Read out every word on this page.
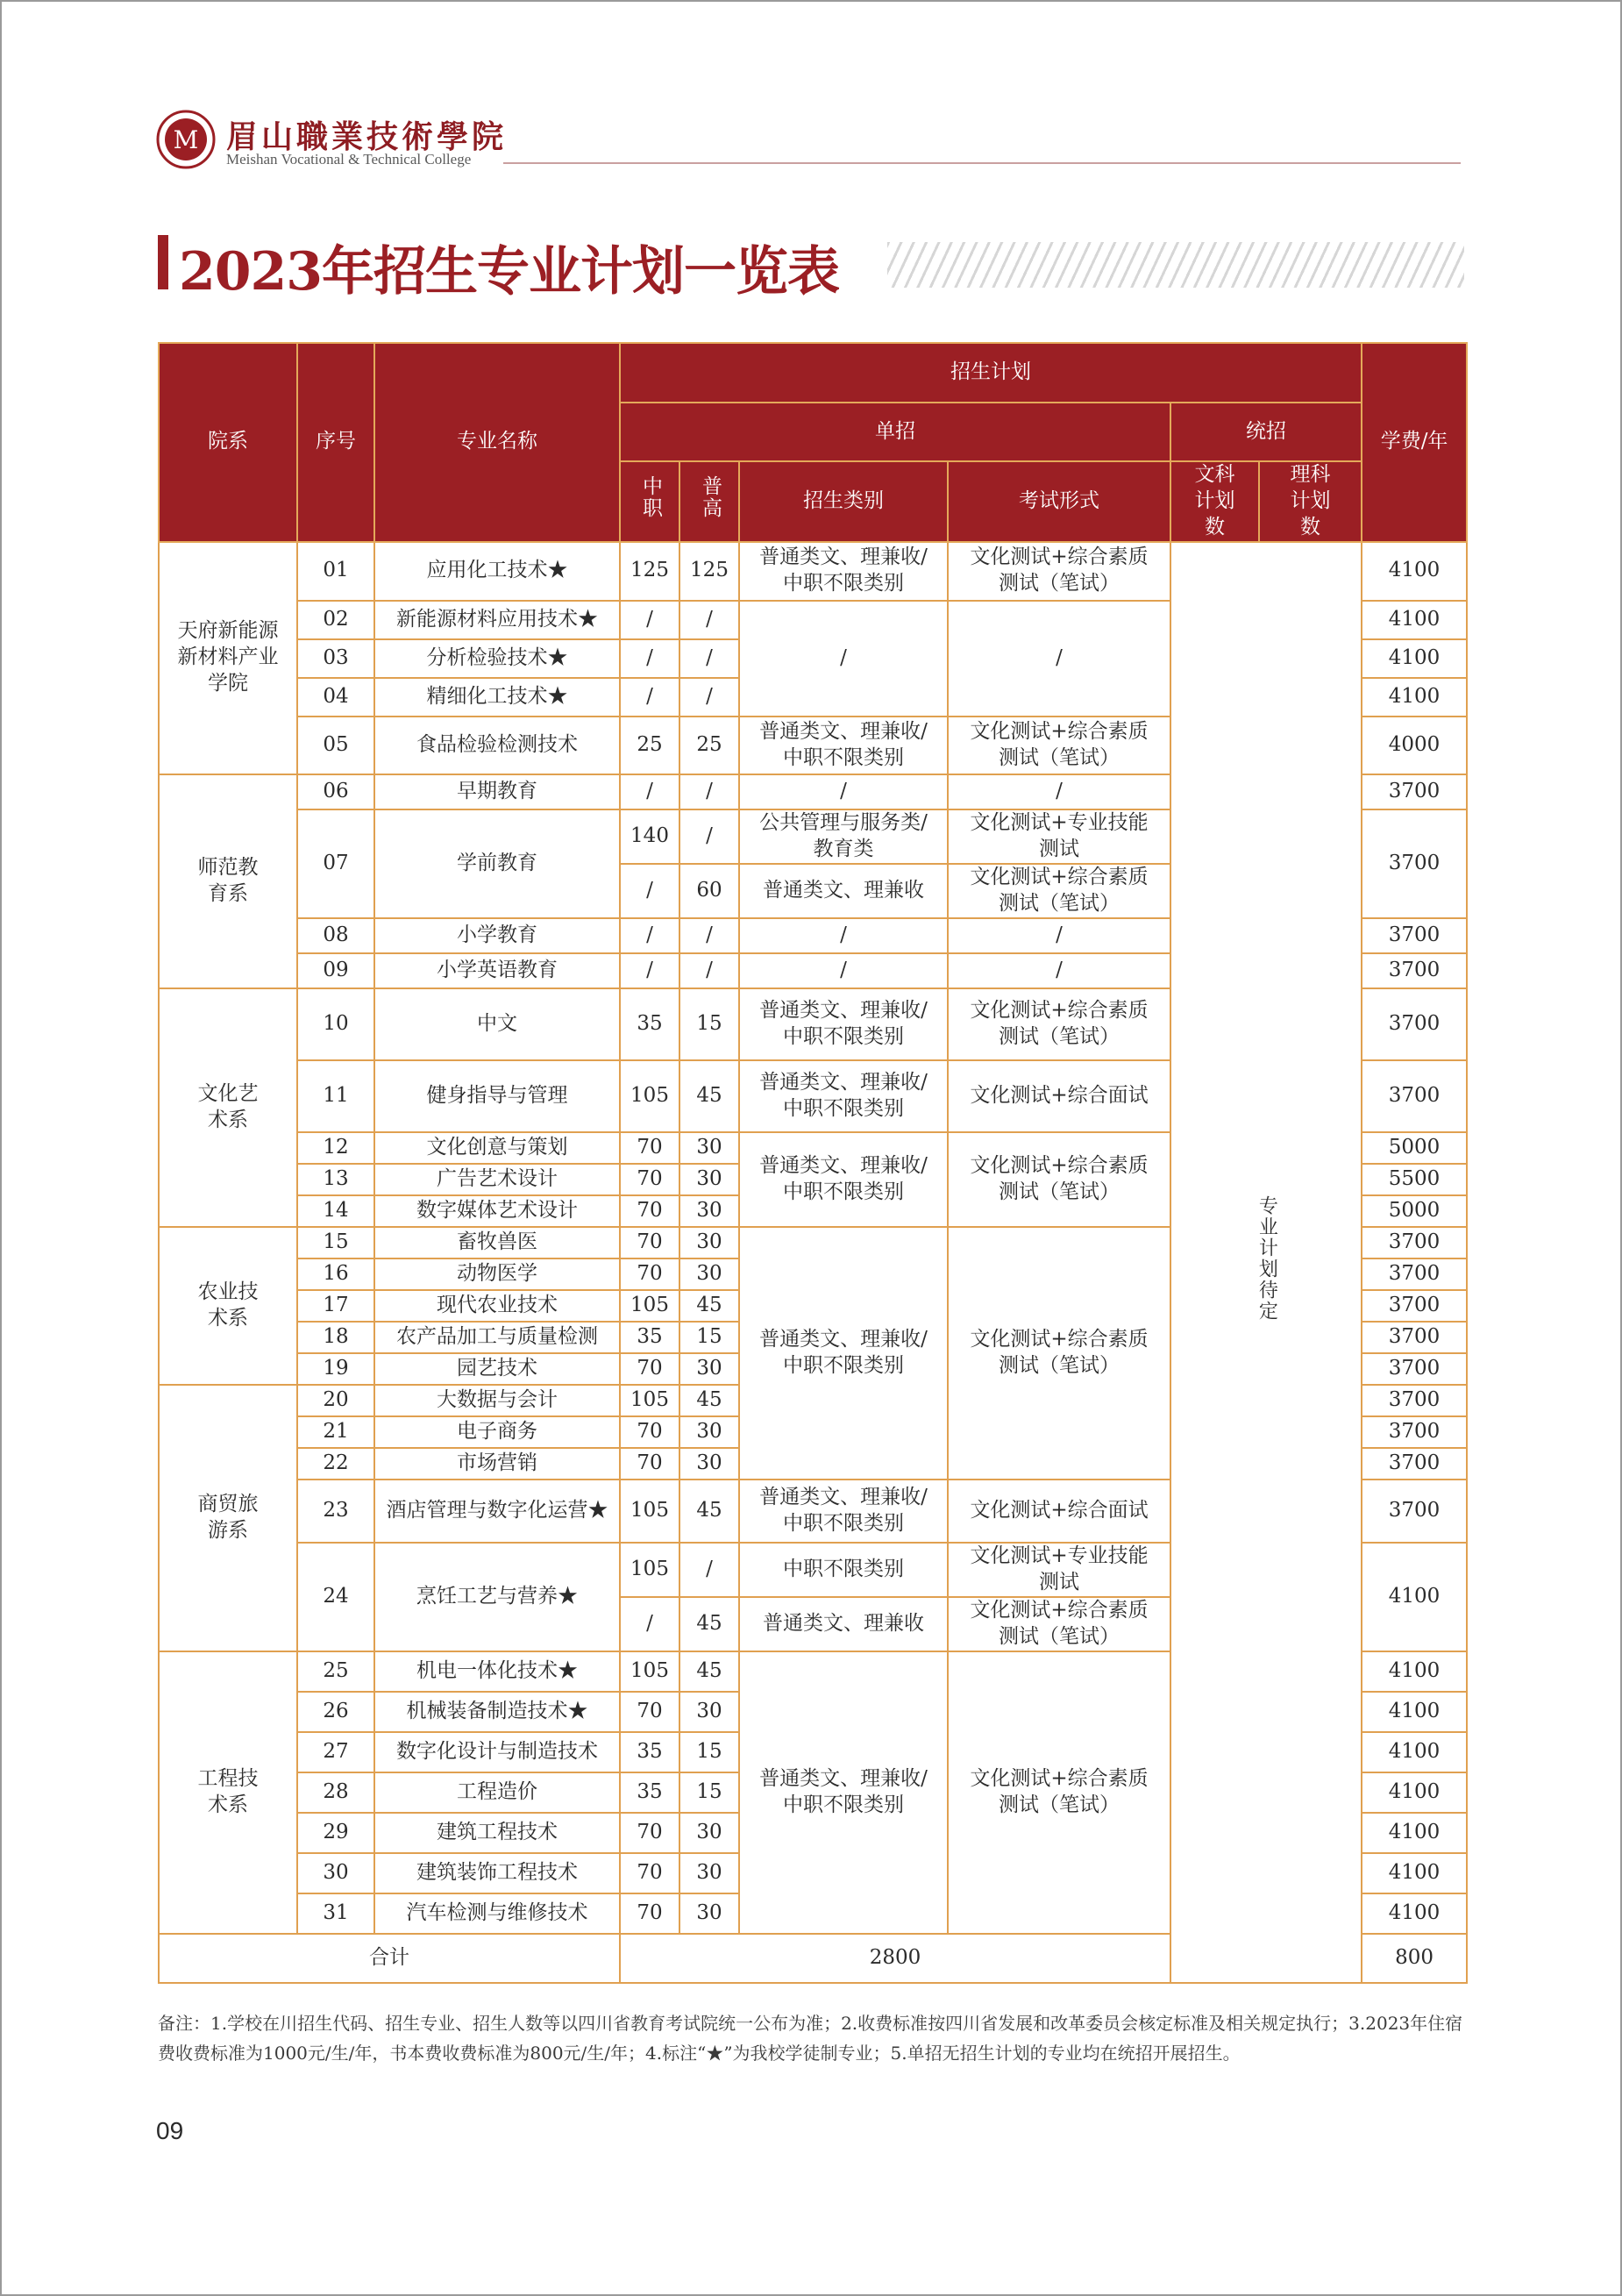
M 眉山職業技術學院
Meishan Vocational & Technical College
2023年招生专业计划一览表
院系	序号	专业名称	招生计划						学费/年	
			单招				统招			
			中职	普高	招生类别	考试形式	文科计划数	理科计划数		

天府新能源新材料产业学院	01	应用化工技术★	125	125	普通类文、理兼收/中职不限类别	文化测试+综合素质测试（笔试）	专业计划待定		4100	
	02	新能源材料应用技术★	/	/	/	/			4100	
	03	分析检验技术★	/	/					4100	
	04	精细化工技术★	/	/					4100	
	05	食品检验检测技术	25	25	普通类文、理兼收/中职不限类别	文化测试+综合素质测试（笔试）			4000	

师范教育系	06	早期教育	/	/	/	/			3700	
	07	学前教育	140	/	公共管理与服务类/教育类	文化测试+专业技能测试			3700	
			/	60	普通类文、理兼收	文化测试+综合素质测试（笔试）				

	08	小学教育	/	/	/	/			3700	
	09	小学英语教育	/	/	/	/			3700	

文化艺术系	10	中文	35	15	普通类文、理兼收/中职不限类别	文化测试+综合素质测试（笔试）			3700	
	11	健身指导与管理	105	45	普通类文、理兼收/中职不限类别	文化测试+综合面试			3700	
	12	文化创意与策划	70	30	普通类文、理兼收/中职不限类别	文化测试+综合素质测试（笔试）			5000	
	13	广告艺术设计	70	30					5500	
	14	数字媒体艺术设计	70	30					5000	

农业技术系	15	畜牧兽医	70	30	普通类文、理兼收/中职不限类别	文化测试+综合素质测试（笔试）			3700	
	16	动物医学	70	30					3700	
	17	现代农业技术	105	45					3700	
	18	农产品加工与质量检测	35	15					3700	
	19	园艺技术	70	30					3700	

商贸旅游系	20	大数据与会计	105	45					3700	
	21	电子商务	70	30					3700	
	22	市场营销	70	30					3700	
	23	酒店管理与数字化运营★	105	45	普通类文、理兼收/中职不限类别	文化测试+综合面试			3700	
	24	烹饪工艺与营养★	105	/	中职不限类别	文化测试+专业技能测试			4100	
			/	45	普通类文、理兼收	文化测试+综合素质测试（笔试）				

工程技术系	25	机电一体化技术★	105	45	普通类文、理兼收/中职不限类别	文化测试+综合素质测试（笔试）			4100	
	26	机械装备制造技术★	70	30					4100	
	27	数字化设计与制造技术	35	15					4100	
	28	工程造价	35	15					4100	
	29	建筑工程技术	70	30					4100	
	30	建筑装饰工程技术	70	30					4100	
	31	汽车检测与维修技术	70	30					4100	
合计			2800						800	
备注：1.学校在川招生代码、招生专业、招生人数等以四川省教育考试院统一公布为准；2.收费标准按四川省发展和改革委员会核定标准及相关规定执行；3.2023年住宿费收费标准为1000元/生/年，书本费收费标准为800元/生/年；4.标注“★”为我校学徒制专业；5.单招无招生计划的专业均在统招开展招生。
09
